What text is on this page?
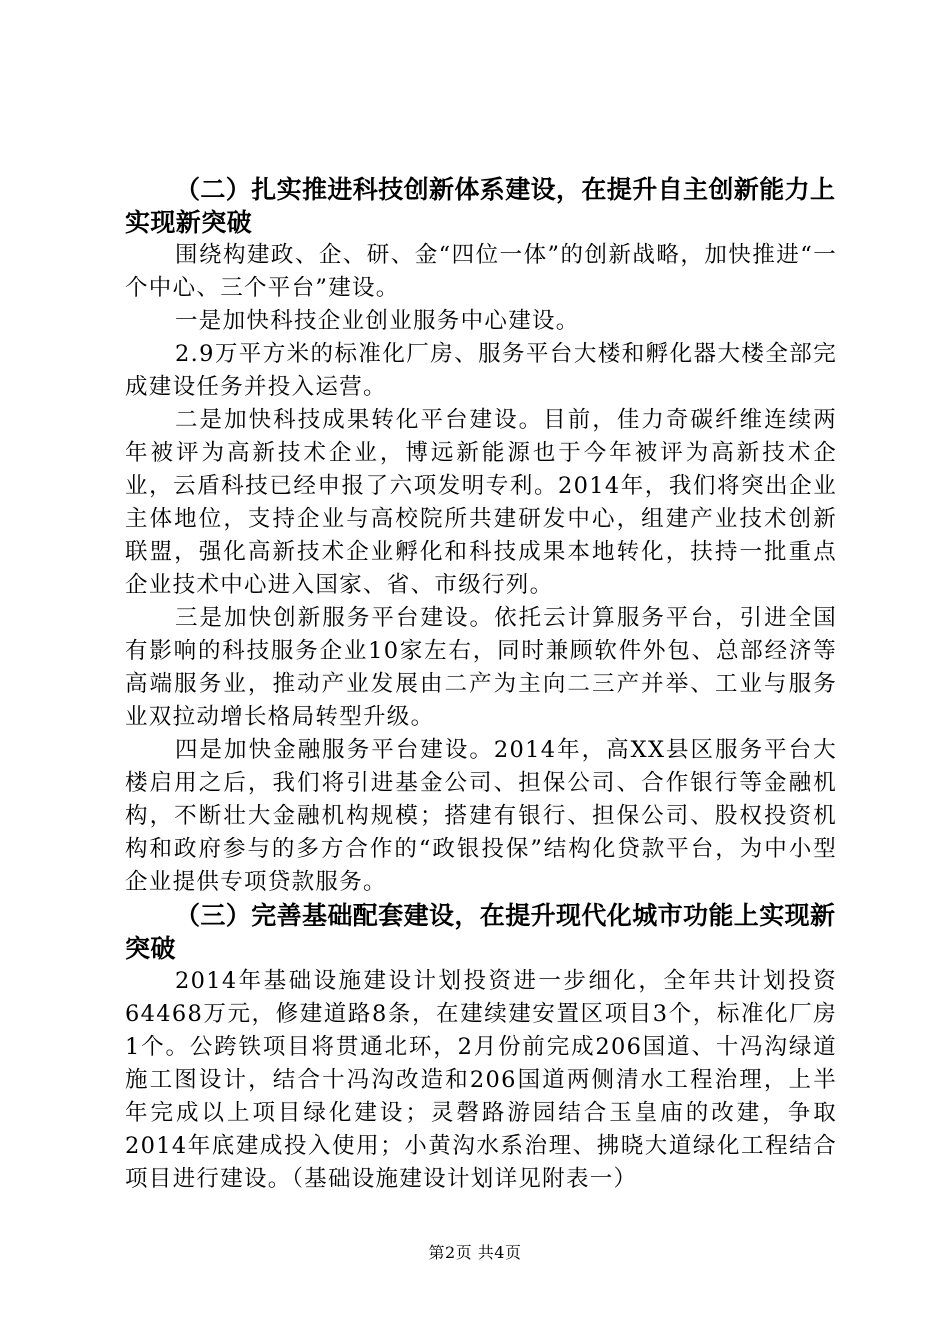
（二）扎实推进科技创新体系建设，在提升自主创新能力上实现新突破

围绕构建政、企、研、金“四位一体”的创新战略，加快推进“一个中心、三个平台”建设。

一是加快科技企业创业服务中心建设。

2.9万平方米的标准化厂房、服务平台大楼和孵化器大楼全部完成建设任务并投入运营。

二是加快科技成果转化平台建设。目前，佳力奇碳纤维连续两年被评为高新技术企业，博远新能源也于今年被评为高新技术企业，云盾科技已经申报了六项发明专利。2014年，我们将突出企业主体地位，支持企业与高校院所共建研发中心，组建产业技术创新联盟，强化高新技术企业孵化和科技成果本地转化，扶持一批重点企业技术中心进入国家、省、市级行列。

三是加快创新服务平台建设。依托云计算服务平台，引进全国有影响的科技服务企业10家左右，同时兼顾软件外包、总部经济等高端服务业，推动产业发展由二产为主向二三产并举、工业与服务业双拉动增长格局转型升级。

四是加快金融服务平台建设。2014年，高XX县区服务平台大楼启用之后，我们将引进基金公司、担保公司、合作银行等金融机构，不断壮大金融机构规模；搭建有银行、担保公司、股权投资机构和政府参与的多方合作的“政银投保”结构化贷款平台，为中小型企业提供专项贷款服务。

（三）完善基础配套建设，在提升现代化城市功能上实现新突破

2014年基础设施建设计划投资进一步细化，全年共计划投资64468万元，修建道路8条，在建续建安置区项目3个，标准化厂房1个。公跨铁项目将贯通北环，2月份前完成206国道、十冯沟绿道施工图设计，结合十冯沟改造和206国道两侧清水工程治理，上半年完成以上项目绿化建设；灵磬路游园结合玉皇庙的改建，争取2014年底建成投入使用；小黄沟水系治理、拂晓大道绿化工程结合项目进行建设。（基础设施建设计划详见附表一）

第2页 共4页
